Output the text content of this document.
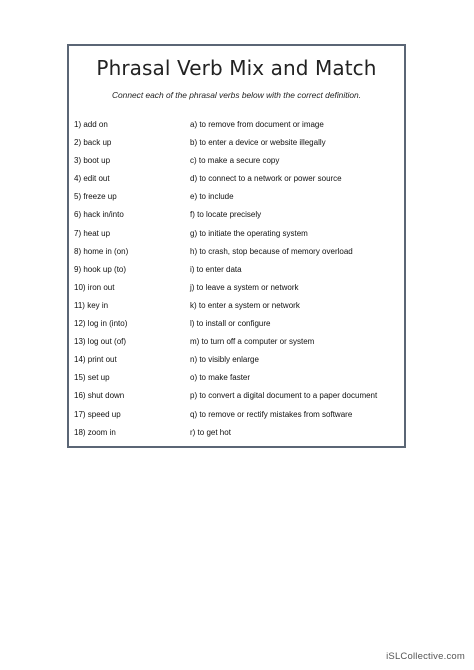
Phrasal Verb Mix and Match
Connect each of the phrasal verbs below with the correct definition.
1) add on	a) to remove from document or image
2) back up	b) to enter a device or website illegally
3) boot up	c) to make a secure copy
4) edit out	d) to connect to a network or power source
5) freeze up	e) to include
6) hack in/into	f) to locate precisely
7) heat up	g) to initiate the operating system
8) home in (on)	h) to crash, stop because of memory overload
9) hook up (to)	i) to enter data
10) iron out	j) to leave a system or network
11) key in	k) to enter a system or network
12) log in (into)	l) to install or configure
13) log out (of)	m) to turn off a computer or system
14) print out	n) to visibly enlarge
15) set up	o) to make faster
16) shut down	p) to convert a digital document to a paper document
17) speed up	q) to remove or rectify mistakes from software
18) zoom in	r) to get hot
iSLCollective.com
